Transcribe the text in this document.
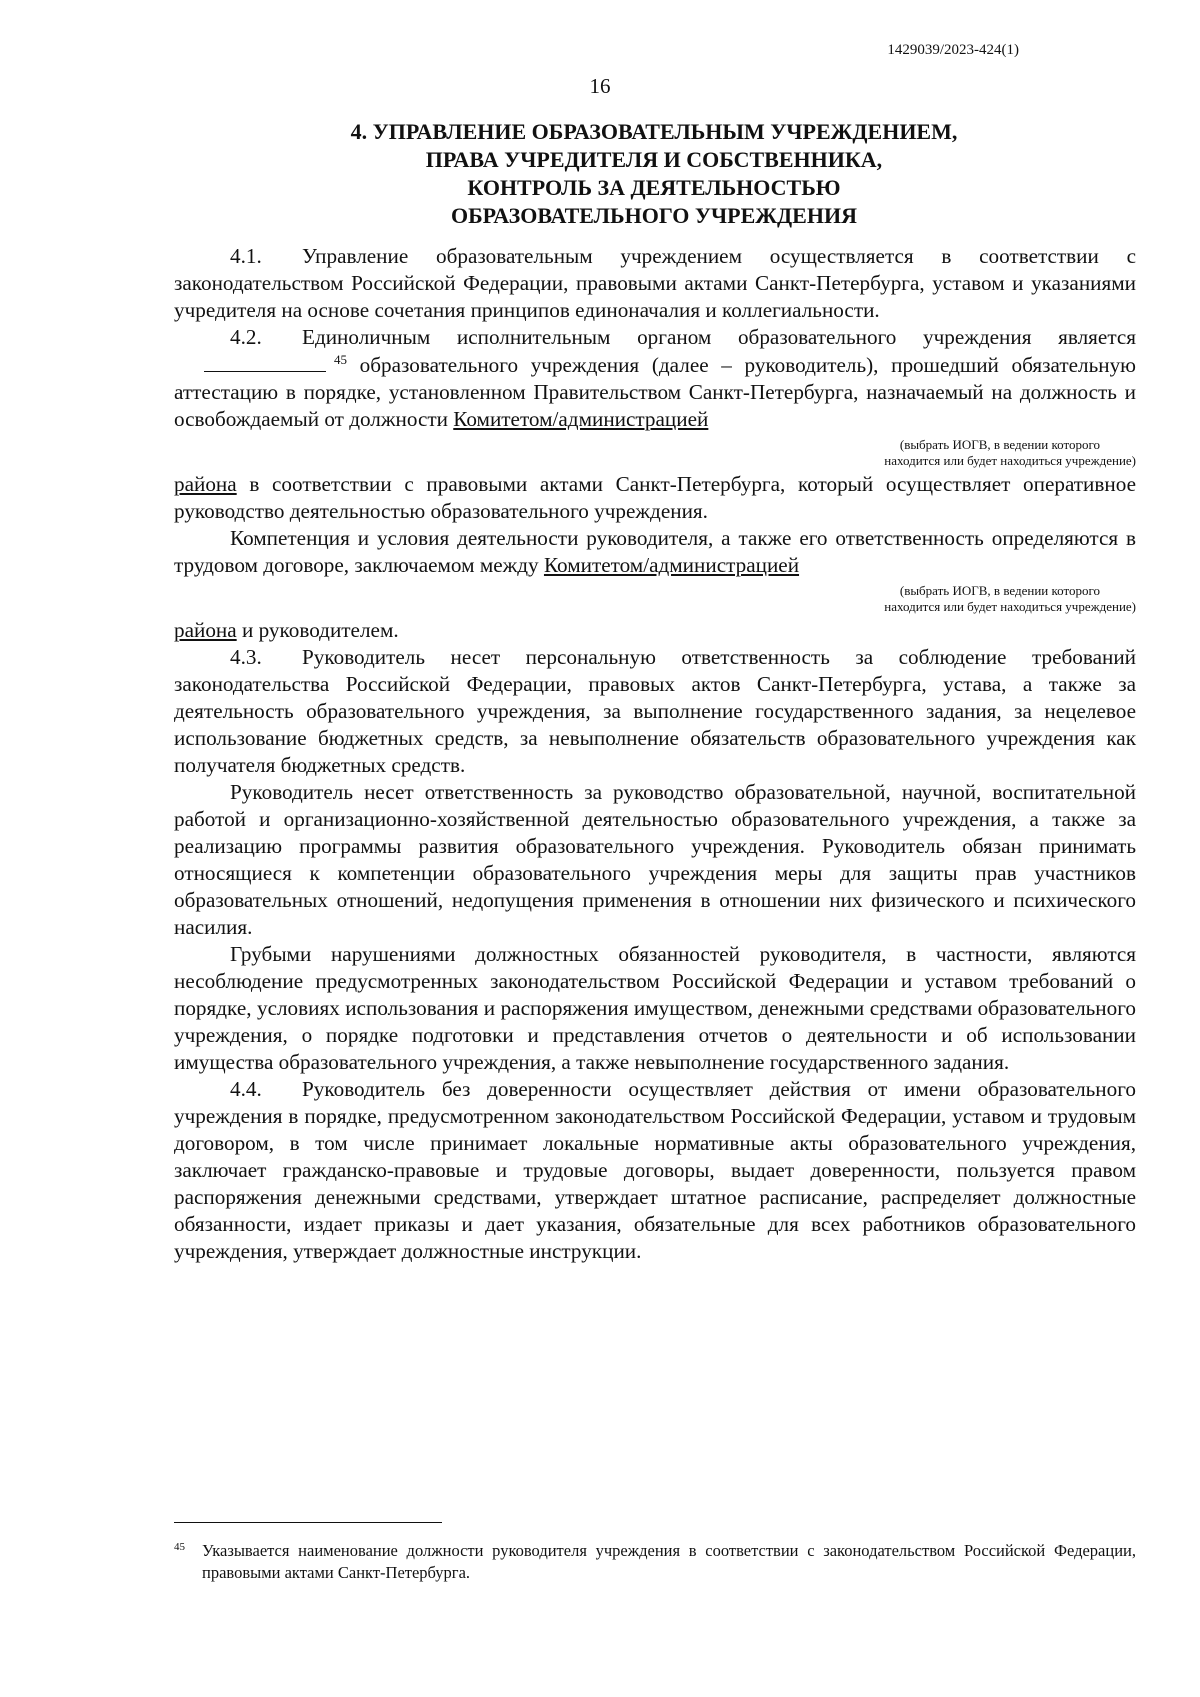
1429039/2023-424(1)
16
4. УПРАВЛЕНИЕ ОБРАЗОВАТЕЛЬНЫМ УЧРЕЖДЕНИЕМ,
ПРАВА УЧРЕДИТЕЛЯ И СОБСТВЕННИКА,
КОНТРОЛЬ ЗА ДЕЯТЕЛЬНОСТЬЮ
ОБРАЗОВАТЕЛЬНОГО УЧРЕЖДЕНИЯ

4.1. Управление образовательным учреждением осуществляется в соответствии с законодательством Российской Федерации, правовыми актами Санкт-Петербурга, уставом и указаниями учредителя на основе сочетания принципов единоначалия и коллегиальности.

4.2. Единоличным исполнительным органом образовательного учреждения является$^{45}$ образовательного учреждения (далее – руководитель), прошедший обязательную аттестацию в порядке, установленном Правительством Санкт-Петербурга, назначаемый на должность и освобождаемый от должности Комитетом/администрацией

(выбрать ИОГВ, в ведении которого
находится или будет находиться учреждение)

района в соответствии с правовыми актами Санкт-Петербурга, который осуществляет оперативное руководство деятельностью образовательного учреждения.

Компетенция и условия деятельности руководителя, а также его ответственность определяются в трудовом договоре, заключаемом между Комитетом/администрацией

(выбрать ИОГВ, в ведении которого
находится или будет находиться учреждение)

района и руководителем.

4.3. Руководитель несет персональную ответственность за соблюдение требований законодательства Российской Федерации, правовых актов Санкт-Петербурга, устава, а также за деятельность образовательного учреждения, за выполнение государственного задания, за нецелевое использование бюджетных средств, за невыполнение обязательств образовательного учреждения как получателя бюджетных средств.

Руководитель несет ответственность за руководство образовательной, научной, воспитательной работой и организационно-хозяйственной деятельностью образовательного учреждения, а также за реализацию программы развития образовательного учреждения. Руководитель обязан принимать относящиеся к компетенции образовательного учреждения меры для защиты прав участников образовательных отношений, недопущения применения в отношении них физического и психического насилия.

Грубыми нарушениями должностных обязанностей руководителя, в частности, являются несоблюдение предусмотренных законодательством Российской Федерации и уставом требований о порядке, условиях использования и распоряжения имуществом, денежными средствами образовательного учреждения, о порядке подготовки и представления отчетов о деятельности и об использовании имущества образовательного учреждения, а также невыполнение государственного задания.

4.4. Руководитель без доверенности осуществляет действия от имени образовательного учреждения в порядке, предусмотренном законодательством Российской Федерации, уставом и трудовым договором, в том числе принимает локальные нормативные акты образовательного учреждения, заключает гражданско-правовые и трудовые договоры, выдает доверенности, пользуется правом распоряжения денежными средствами, утверждает штатное расписание, распределяет должностные обязанности, издает приказы и дает указания, обязательные для всех работников образовательного учреждения, утверждает должностные инструкции.

45	Указывается наименование должности руководителя учреждения в соответствии с законодательством Российской Федерации, правовыми актами Санкт-Петербурга.
